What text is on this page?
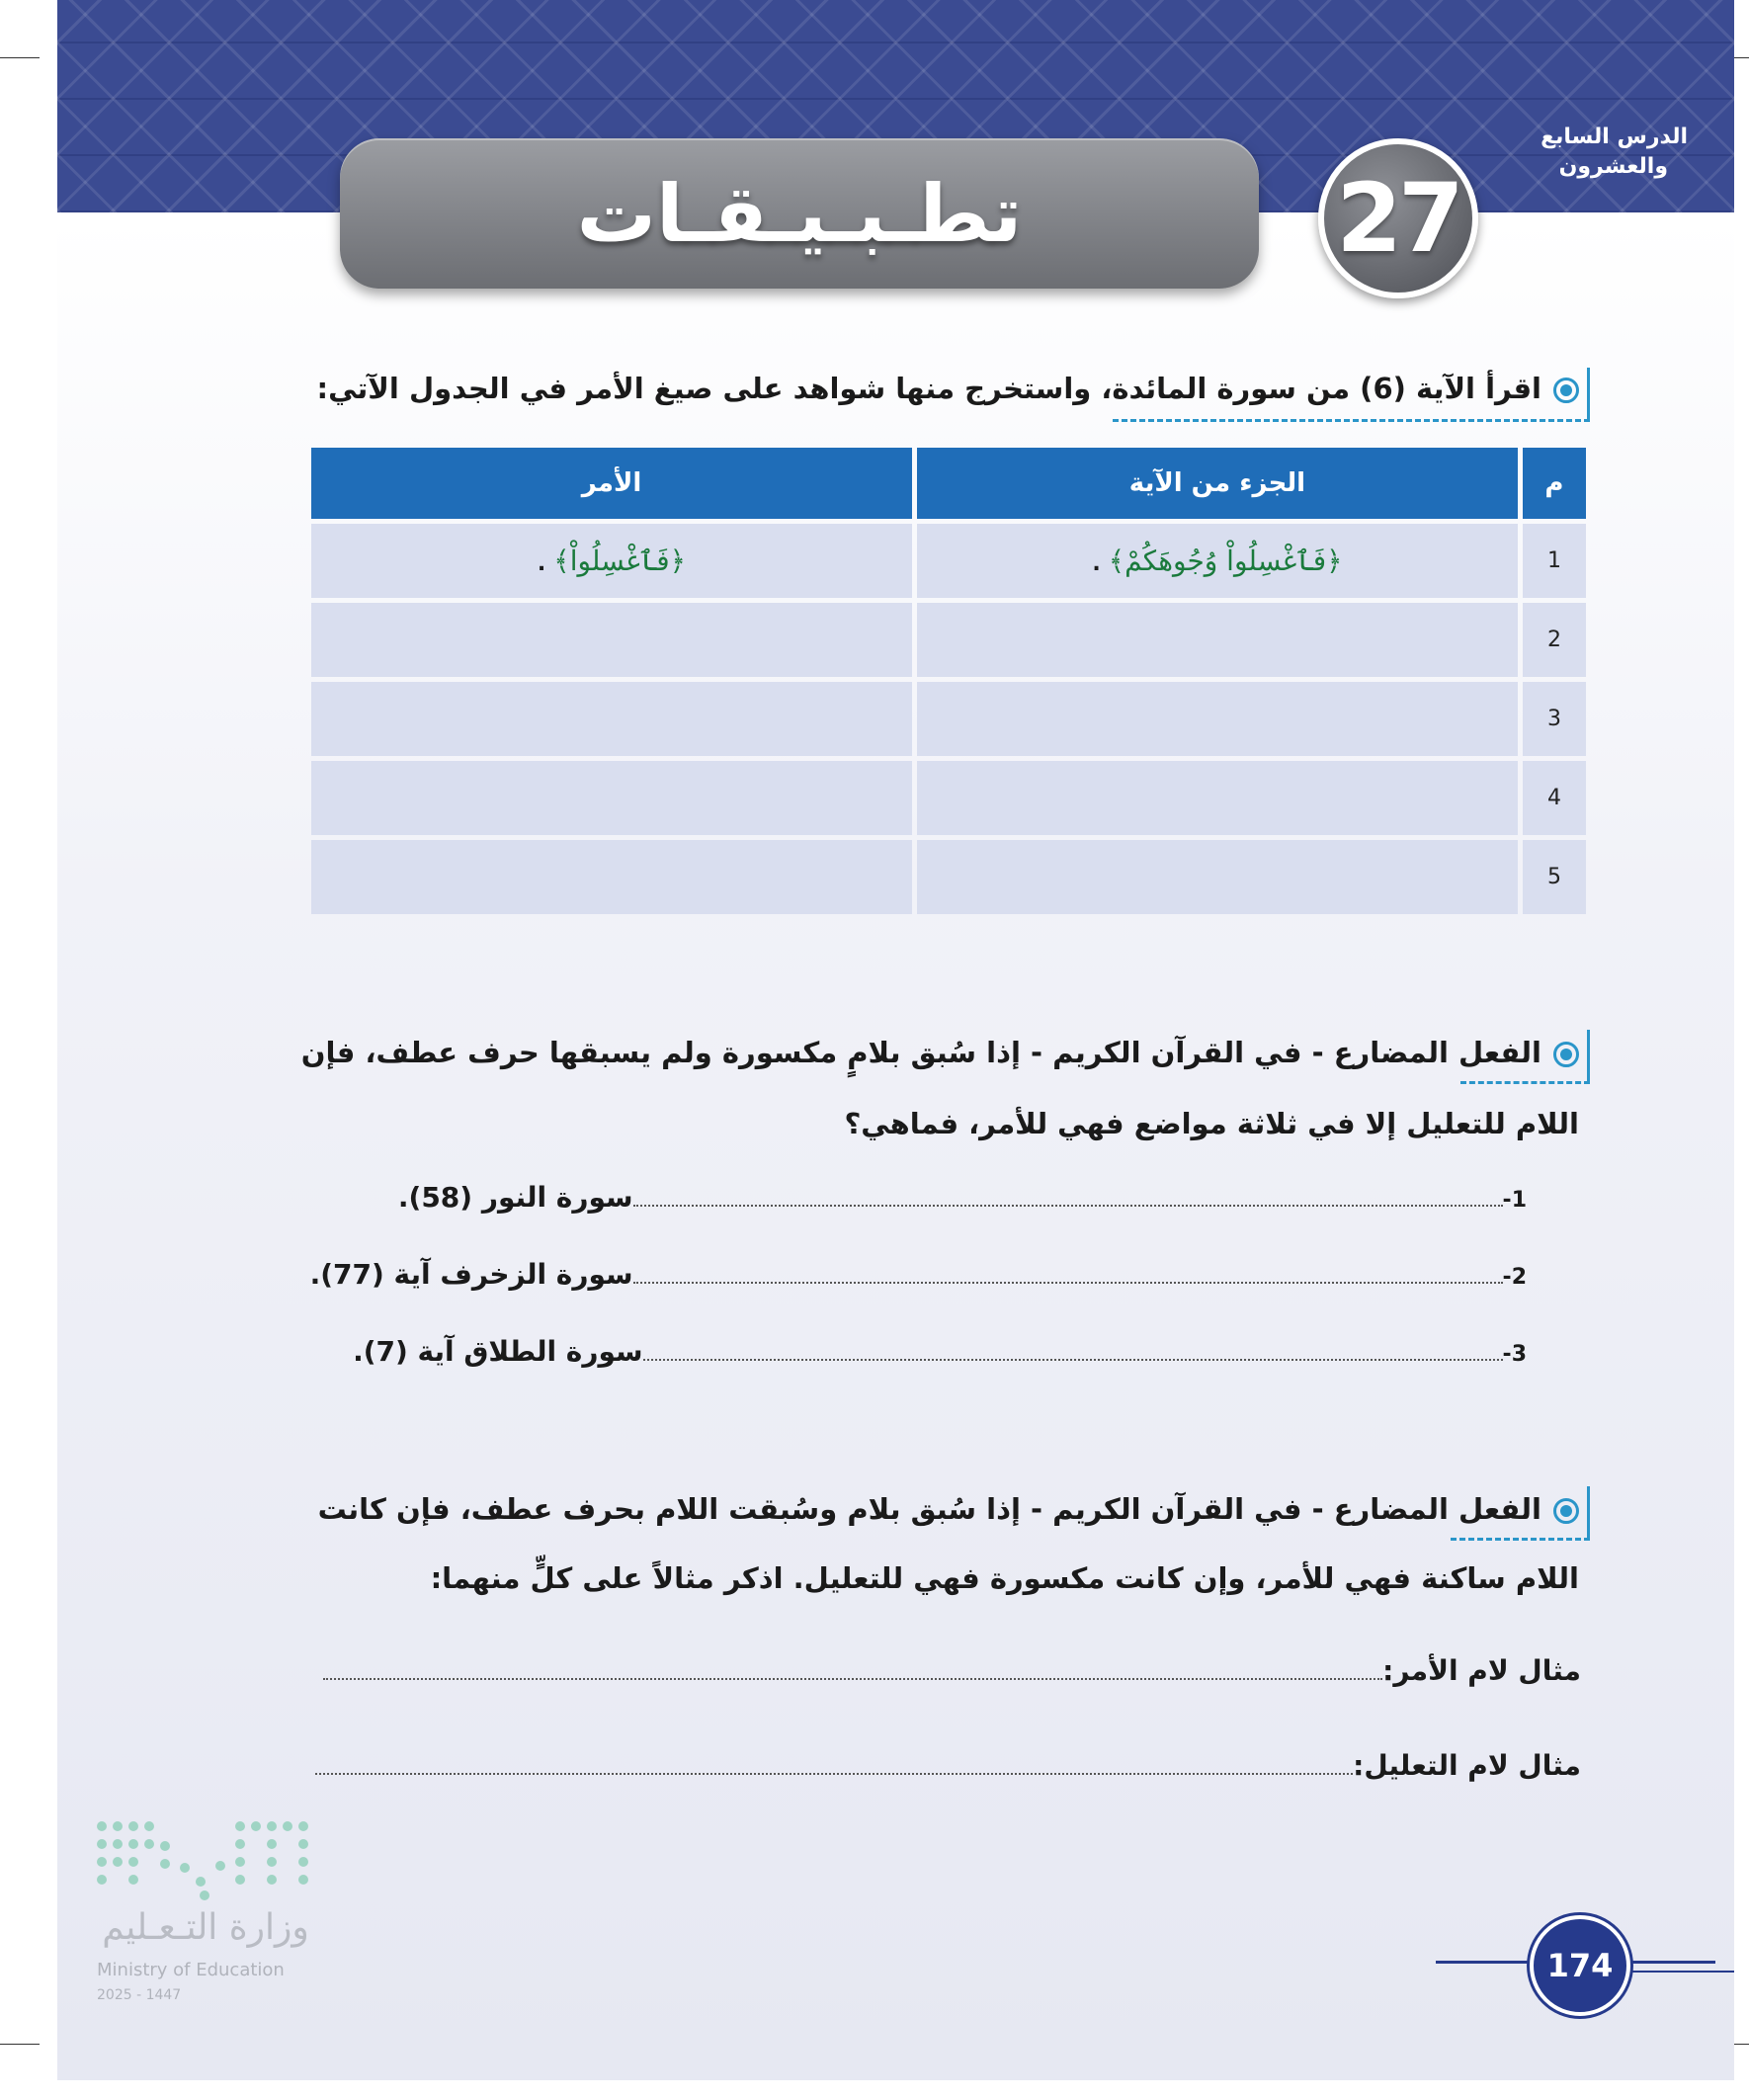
تطـبـيـقـات	27
الدرس السابع
والعشرون
اقرأ الآية (6) من سورة المائدة، واستخرج منها شواهد على صيغ الأمر في الجدول الآتي:
م	الجزء من الآية	الأمر
1	﴿فَٱغْسِلُواْ وُجُوهَكُمْ﴾.	﴿فَٱغْسِلُواْ﴾.
2		
3		
4		
5		
الفعل المضارع - في القرآن الكريم - إذا سُبق بلامٍ مكسورة ولم يسبقها حرف عطف، فإن
اللام للتعليل إلا في ثلاثة مواضع فهي للأمر، فماهي؟
1-
سورة النور (58).
2-
سورة الزخرف آية (77).
3-
سورة الطلاق آية (7).
الفعل المضارع - في القرآن الكريم - إذا سُبق بلام وسُبقت اللام بحرف عطف، فإن كانت
اللام ساكنة فهي للأمر، وإن كانت مكسورة فهي للتعليل. اذكر مثالاً على كلٍّ منهما:
مثال لام الأمر:
مثال لام التعليل:
وزارة التـعـليم
Ministry of Education
2025 - 1447
174
